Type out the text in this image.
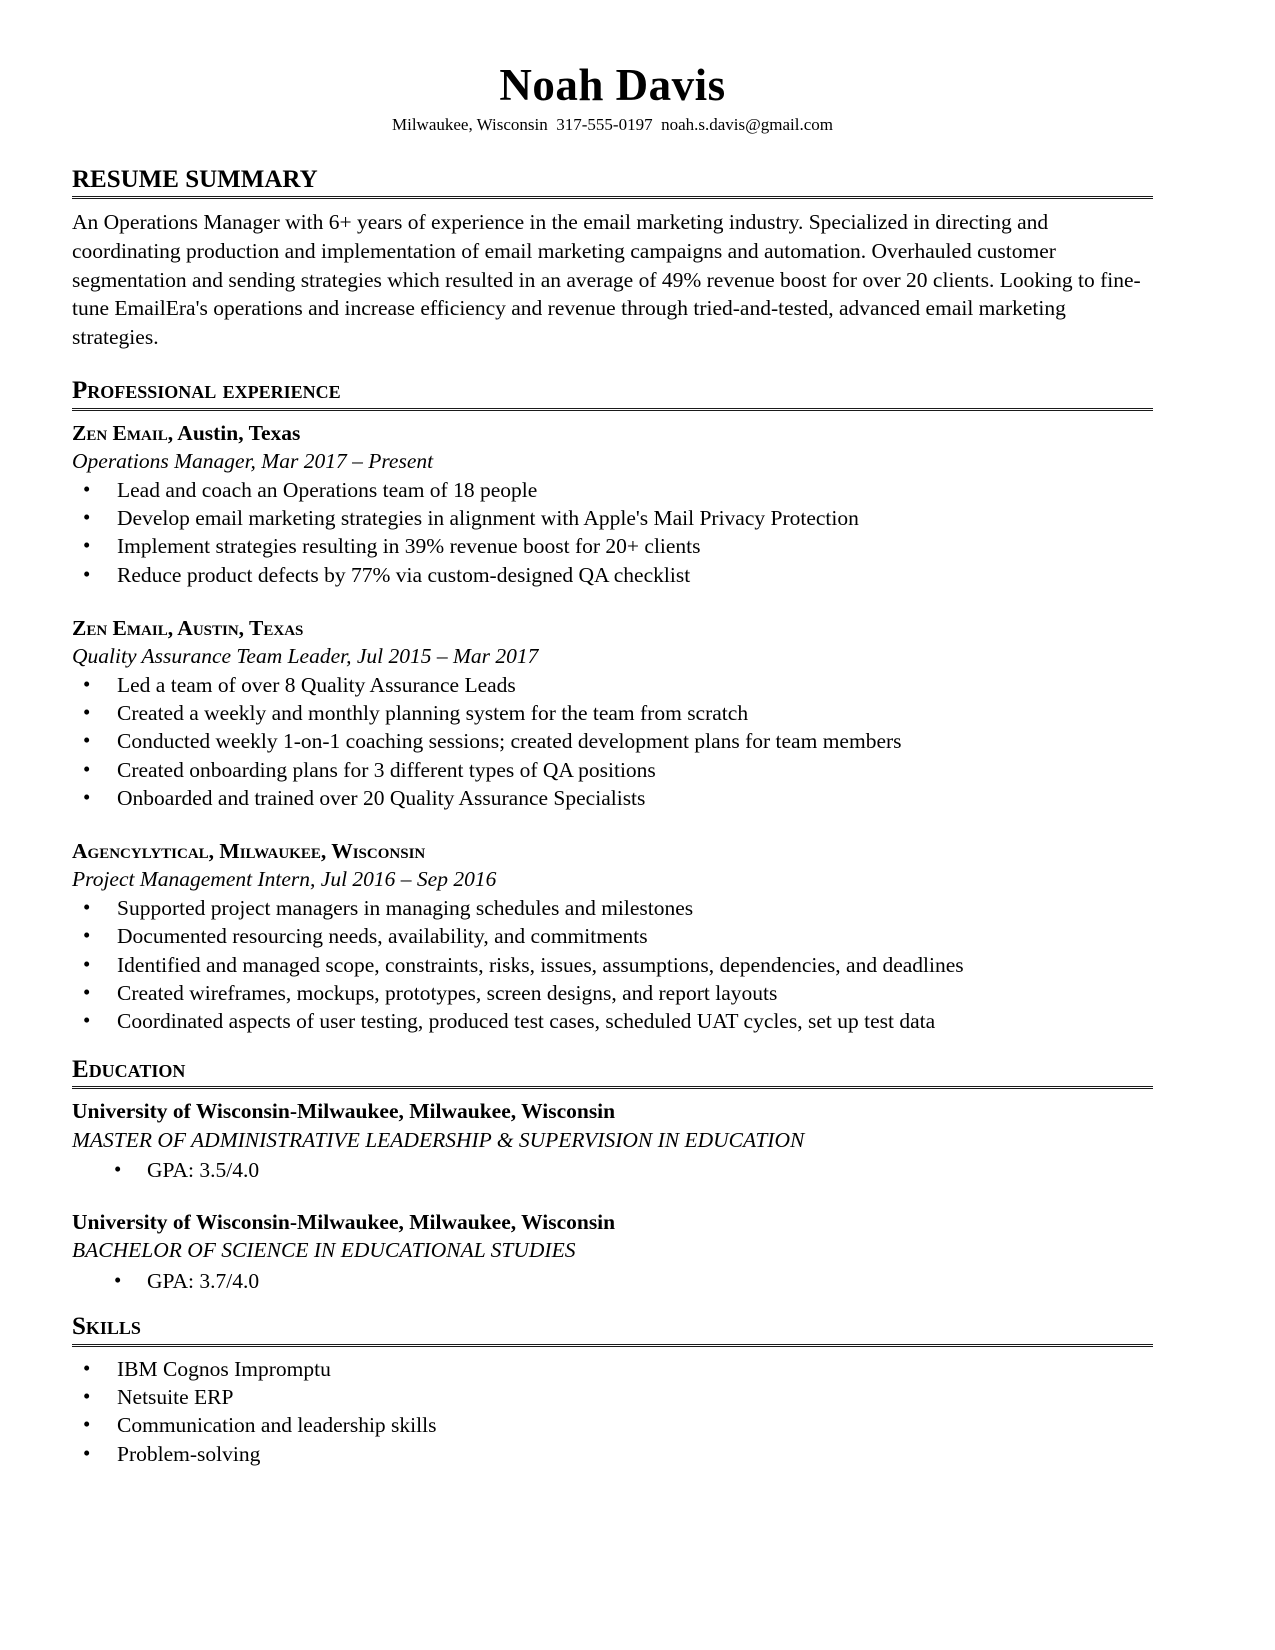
Noah Davis
Milwaukee, Wisconsin  317-555-0197  noah.s.davis@gmail.com
RESUME SUMMARY

An Operations Manager with 6+ years of experience in the email marketing industry. Specialized in directing and coordinating production and implementation of email marketing campaigns and automation. Overhauled customer segmentation and sending strategies which resulted in an average of 49% revenue boost for over 20 clients. Looking to fine-tune EmailEra's operations and increase efficiency and revenue through tried-and-tested, advanced email marketing strategies.

Professional experience
Zen Email, Austin, Texas
Operations Manager, Mar 2017 – Present
• Lead and coach an Operations team of 18 people
• Develop email marketing strategies in alignment with Apple's Mail Privacy Protection
• Implement strategies resulting in 39% revenue boost for 20+ clients
• Reduce product defects by 77% via custom-designed QA checklist
Zen Email, Austin, Texas
Quality Assurance Team Leader, Jul 2015 – Mar 2017
• Led a team of over 8 Quality Assurance Leads
• Created a weekly and monthly planning system for the team from scratch
• Conducted weekly 1-on-1 coaching sessions; created development plans for team members
• Created onboarding plans for 3 different types of QA positions
• Onboarded and trained over 20 Quality Assurance Specialists
Agencylytical, Milwaukee, Wisconsin
Project Management Intern, Jul 2016 – Sep 2016
• Supported project managers in managing schedules and milestones
• Documented resourcing needs, availability, and commitments
• Identified and managed scope, constraints, risks, issues, assumptions, dependencies, and deadlines
• Created wireframes, mockups, prototypes, screen designs, and report layouts
• Coordinated aspects of user testing, produced test cases, scheduled UAT cycles, set up test data
Education
University of Wisconsin-Milwaukee, Milwaukee, Wisconsin
MASTER OF ADMINISTRATIVE LEADERSHIP & SUPERVISION IN EDUCATION
• GPA: 3.5/4.0
University of Wisconsin-Milwaukee, Milwaukee, Wisconsin
BACHELOR OF SCIENCE IN EDUCATIONAL STUDIES
• GPA: 3.7/4.0
Skills
• IBM Cognos Impromptu
• Netsuite ERP
• Communication and leadership skills
• Problem-solving
